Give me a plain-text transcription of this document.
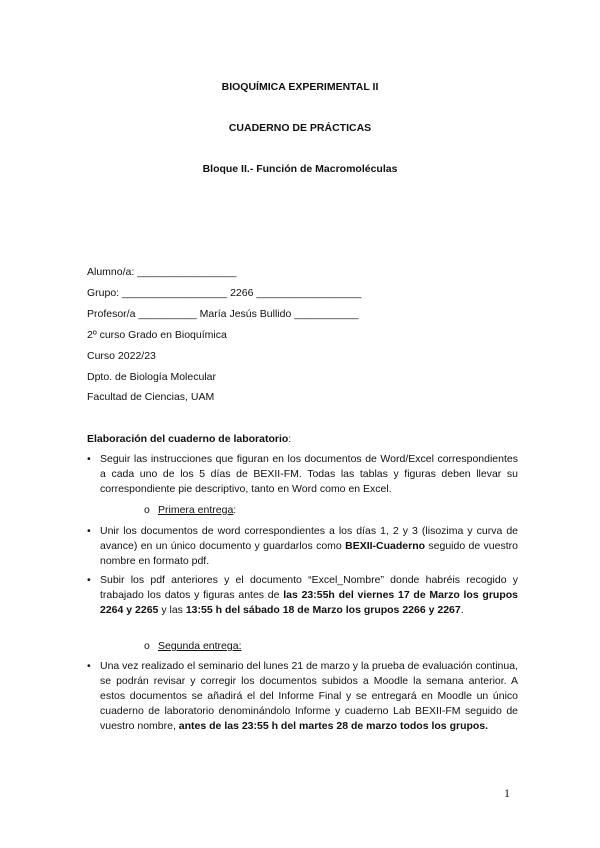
BIOQUÍMICA EXPERIMENTAL II
CUADERNO DE PRÁCTICAS
Bloque II.- Función de Macromoléculas
Alumno/a: _________________
Grupo: __________________ 2266 __________________
Profesor/a __________ María Jesús Bullido ___________
2º curso Grado en Bioquímica
Curso 2022/23
Dpto. de Biología Molecular
Facultad de Ciencias, UAM
Elaboración del cuaderno de laboratorio:
• Seguir las instrucciones que figuran en los documentos de Word/Excel correspondientes a cada uno de los 5 días de BEXII-FM. Todas las tablas y figuras deben llevar su correspondiente pie descriptivo, tanto en Word como en Excel.
o Primera entrega:
• Unir los documentos de word correspondientes a los días 1, 2 y 3 (lisozima y curva de avance) en un único documento y guardarlos como BEXII-Cuaderno seguido de vuestro nombre en formato pdf.
• Subir los pdf anteriores y el documento “Excel_Nombre” donde habréis recogido y trabajado los datos y figuras antes de las 23:55h del viernes 17 de Marzo los grupos 2264 y 2265 y las 13:55 h del sábado 18 de Marzo los grupos 2266 y 2267.
o Segunda entrega:
• Una vez realizado el seminario del lunes 21 de marzo y la prueba de evaluación continua, se podrán revisar y corregir los documentos subidos a Moodle la semana anterior. A estos documentos se añadirá el del Informe Final y se entregará en Moodle un único cuaderno de laboratorio denominándolo Informe y cuaderno Lab BEXII-FM seguido de vuestro nombre, antes de las 23:55 h del martes 28 de marzo todos los grupos.
1
